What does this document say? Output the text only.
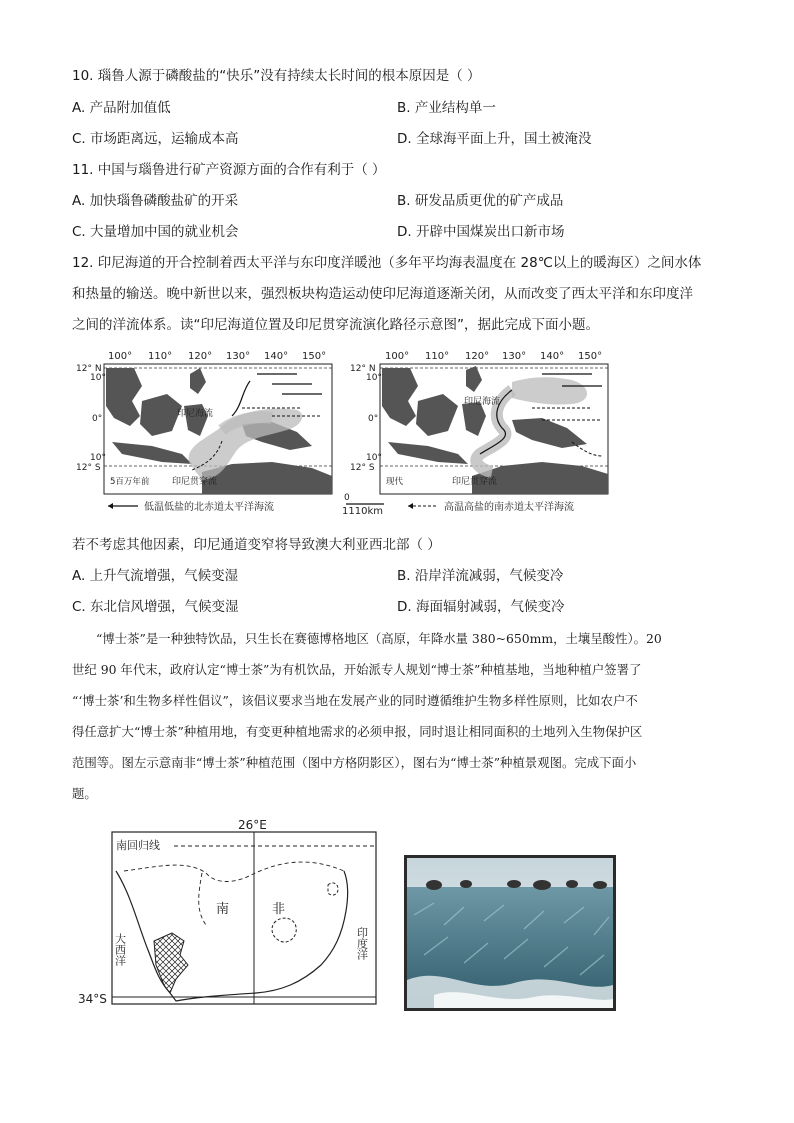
10. 瑙鲁人源于磷酸盐的“快乐”没有持续太长时间的根本原因是（ ）
A. 产品附加值低	B. 产业结构单一
C. 市场距离远，运输成本高	D. 全球海平面上升，国土被淹没
11. 中国与瑙鲁进行矿产资源方面的合作有利于（ ）
A. 加快瑙鲁磷酸盐矿的开采	B. 研发品质更优的矿产成品
C. 大量增加中国的就业机会	D. 开辟中国煤炭出口新市场
12. 印尼海道的开合控制着西太平洋与东印度洋暖池（多年平均海表温度在 28℃以上的暖海区）之间水体
和热量的输送。晚中新世以来，强烈板块构造运动使印尼海道逐渐关闭，从而改变了西太平洋和东印度洋
之间的洋流体系。读“印尼海道位置及印尼贯穿流演化路径示意图”，据此完成下面小题。
100° 110° 120° 130° 140° 150°	100° 110° 120° 130° 140° 150°
12° N
10°
0°
10°
12° S
5百万年前
印尼海流
印尼贯穿流
12° N
10°
0°
10°
12° S
现代
印尼海流
印尼贯穿流
低温低盐的北赤道太平洋海流
0
1110km	高温高盐的南赤道太平洋海流
若不考虑其他因素，印尼通道变窄将导致澳大利亚西北部（ ）
A. 上升气流增强，气候变湿	B. 沿岸洋流减弱，气候变冷
C. 东北信风增强，气候变湿	D. 海面辐射减弱，气候变冷
“博士茶”是一种独特饮品，只生长在赛德博格地区（高原，年降水量 380~650mm，土壤呈酸性）。20
世纪 90 年代末，政府认定“博士茶”为有机饮品，开始派专人规划“博士茶”种植基地，当地种植户签署了
“‘博士茶’和生物多样性倡议”，该倡议要求当地在发展产业的同时遵循维护生物多样性原则，比如农户不
得任意扩大“博士茶”种植用地，有变更种植地需求的必须申报，同时退让相同面积的土地列入生物保护区
范围等。图左示意南非“博士茶”种植范围（图中方格阴影区），图右为“博士茶”种植景观图。完成下面小
题。
26°E
南回归线
南	非
大西洋	印度洋
34°S
